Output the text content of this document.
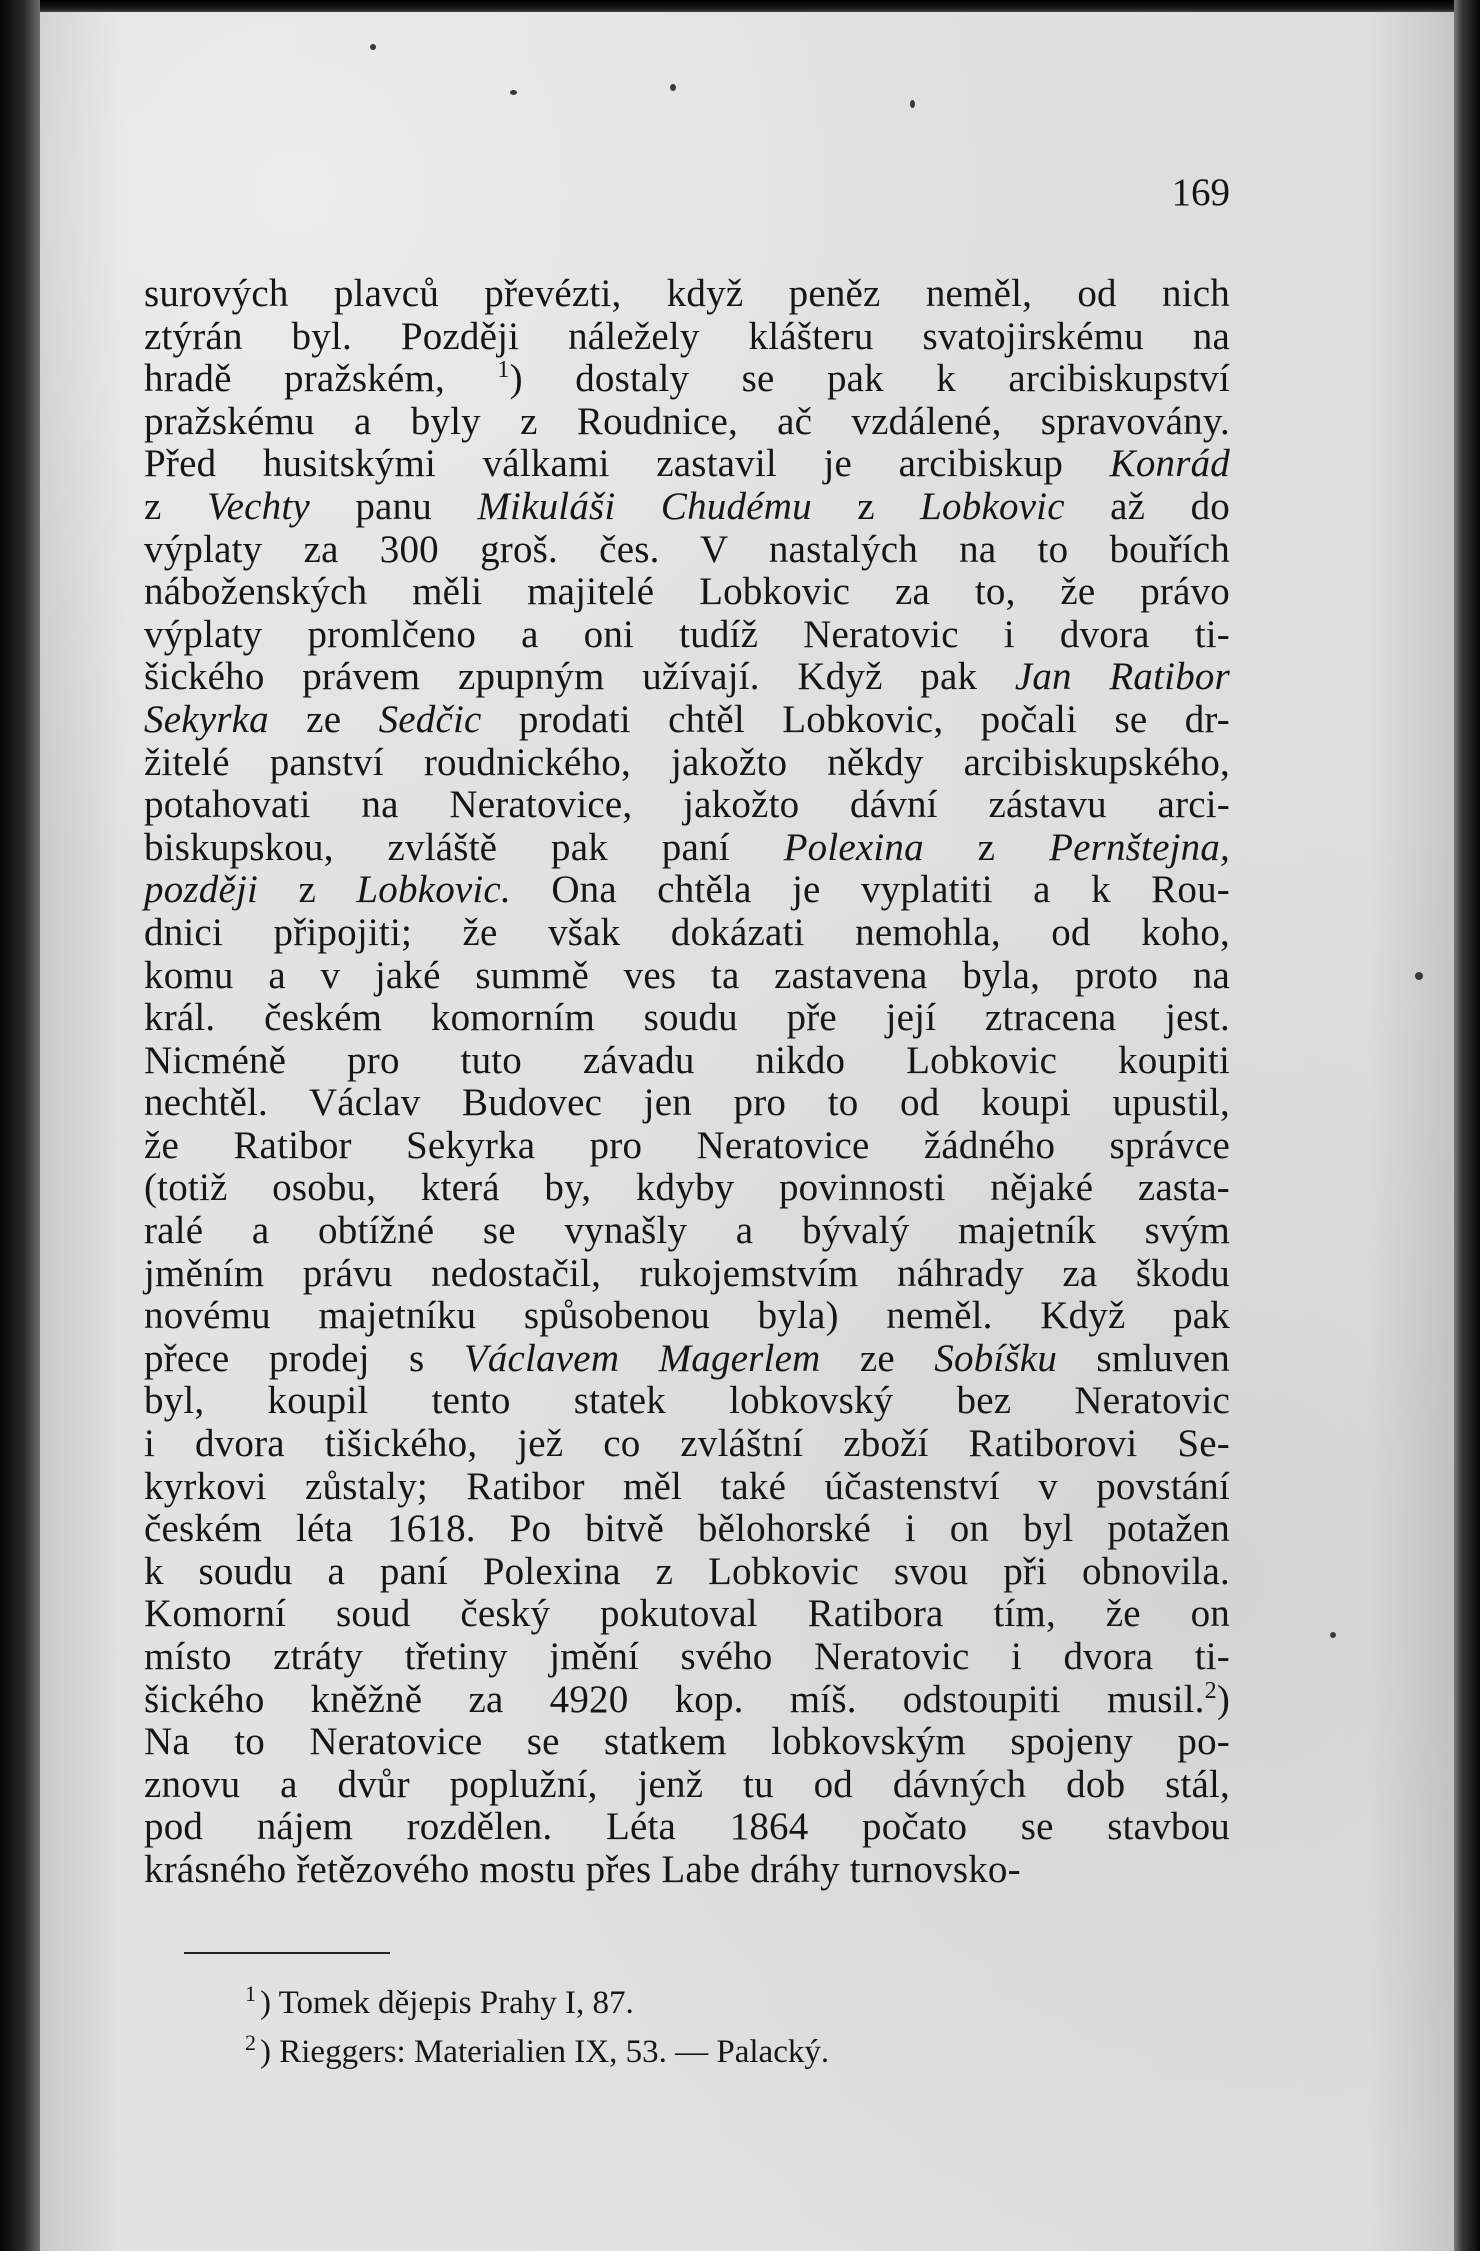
169
surových plavců převézti, když peněz neměl, od nich
ztýrán byl. Později náležely klášteru svatojirskému na
hradě pražském, $^1$) dostaly se pak k arcibiskupství
pražskému a byly z Roudnice, ač vzdálené, spravovány.
Před husitskými válkami zastavil je arcibiskup Konrád
z Vechty panu Mikuláši Chudému z Lobkovic až do
výplaty za 300 groš. čes. V nastalých na to bouřích
náboženských měli majitelé Lobkovic za to, že právo
výplaty promlčeno a oni tudíž Neratovic i dvora ti-
šického právem zpupným užívají. Když pak Jan Ratibor
Sekyrka ze Sedčic prodati chtěl Lobkovic, počali se dr-
žitelé panství roudnického, jakožto někdy arcibiskupského,
potahovati na Neratovice, jakožto dávní zástavu arci-
biskupskou, zvláště pak paní Polexina z Pernštejna,
později z Lobkovic. Ona chtěla je vyplatiti a k Rou-
dnici připojiti; že však dokázati nemohla, od koho,
komu a v jaké summě ves ta zastavena byla, proto na
král. českém komorním soudu pře její ztracena jest.
Nicméně pro tuto závadu nikdo Lobkovic koupiti
nechtěl. Václav Budovec jen pro to od koupi upustil,
že Ratibor Sekyrka pro Neratovice žádného správce
(totiž osobu, která by, kdyby povinnosti nějaké zasta-
ralé a obtížné se vynašly a bývalý majetník svým
jměním právu nedostačil, rukojemstvím náhrady za škodu
novému majetníku spůsobenou byla) neměl. Když pak
přece prodej s Václavem Magerlem ze Sobíšku smluven
byl, koupil tento statek lobkovský bez Neratovic
i dvora tišického, jež co zvláštní zboží Ratiborovi Se-
kyrkovi zůstaly; Ratibor měl také účastenství v povstání
českém léta 1618. Po bitvě bělohorské i on byl potažen
k soudu a paní Polexina z Lobkovic svou při obnovila.
Komorní soud český pokutoval Ratibora tím, že on
místo ztráty třetiny jmění svého Neratovic i dvora ti-
šického kněžně za 4920 kop. míš. odstoupiti musil.$^2$)
Na to Neratovice se statkem lobkovským spojeny po-
znovu a dvůr poplužní, jenž tu od dávných dob stál,
pod nájem rozdělen. Léta 1864 počato se stavbou
krásného řetězového mostu přes Labe dráhy turnovsko-
$^1$ ) Tomek dějepis Prahy I, 87.
$^2$ ) Rieggers: Materialien IX, 53. — Palacký.
